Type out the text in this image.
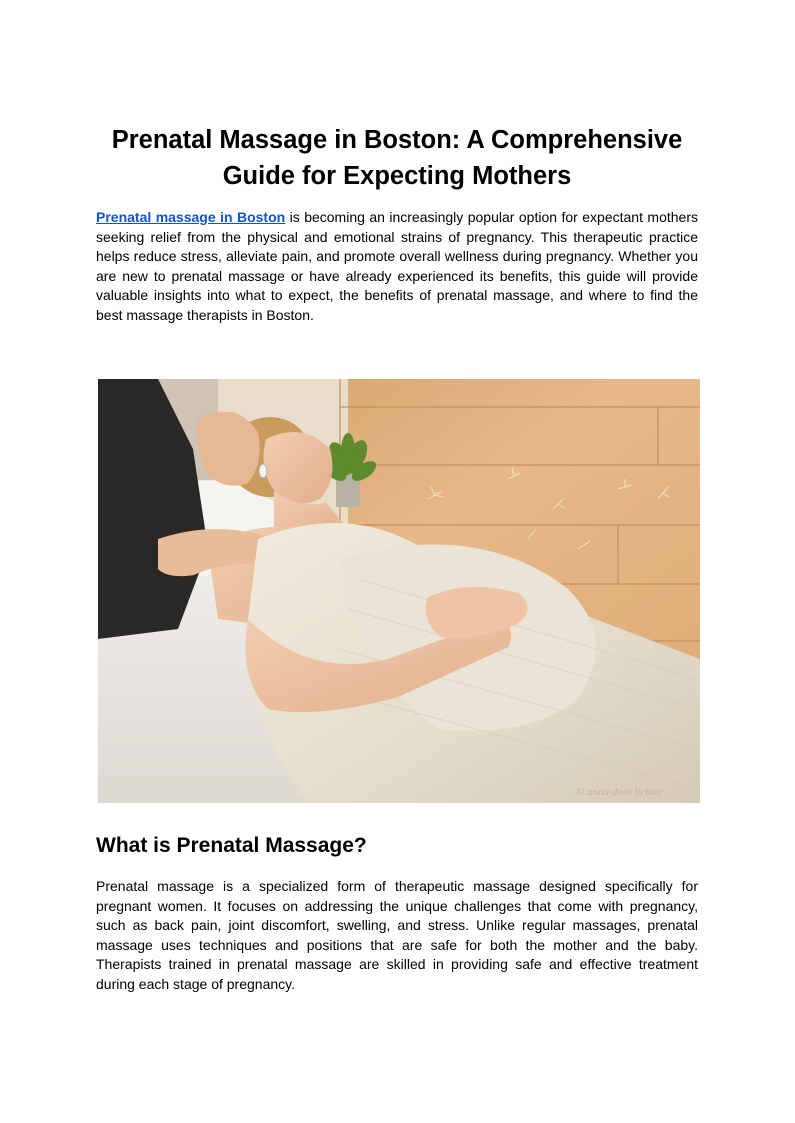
Prenatal Massage in Boston: A Comprehensive Guide for Expecting Mothers

Prenatal massage in Boston is becoming an increasingly popular option for expectant mothers seeking relief from the physical and emotional strains of pregnancy. This therapeutic practice helps reduce stress, alleviate pain, and promote overall wellness during pregnancy. Whether you are new to prenatal massage or have already experienced its benefits, this guide will provide valuable insights into what to expect, the benefits of prenatal massage, and where to find the best massage therapists in Boston.

© anna doss lichter
What is Prenatal Massage?

Prenatal massage is a specialized form of therapeutic massage designed specifically for pregnant women. It focuses on addressing the unique challenges that come with pregnancy, such as back pain, joint discomfort, swelling, and stress. Unlike regular massages, prenatal massage uses techniques and positions that are safe for both the mother and the baby. Therapists trained in prenatal massage are skilled in providing safe and effective treatment during each stage of pregnancy.
